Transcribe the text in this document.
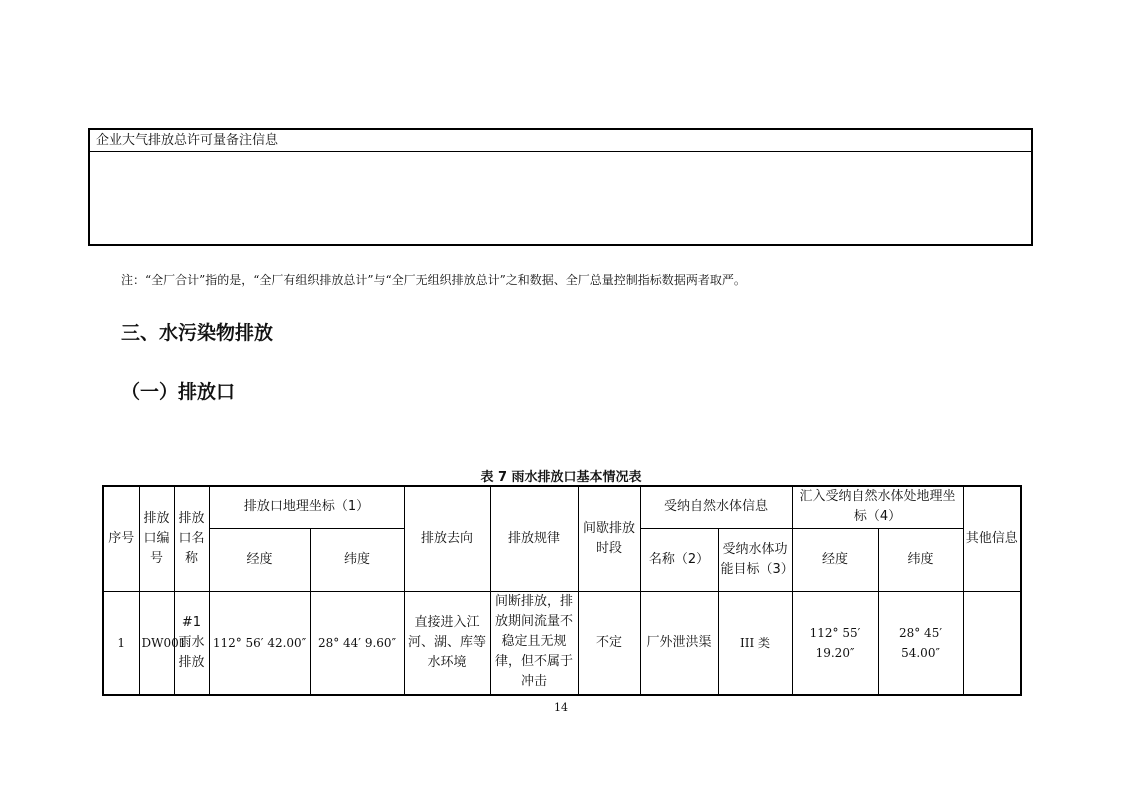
企业大气排放总许可量备注信息
注：“全厂合计”指的是，“全厂有组织排放总计”与“全厂无组织排放总计”之和数据、全厂总量控制指标数据两者取严。
三、水污染物排放
（一）排放口
表 7 雨水排放口基本情况表
序号	排放口编号	排放口名称	排放口地理坐标（1）		排放去向	排放规律	间歇排放时段	受纳自然水体信息		汇入受纳自然水体处地理坐标（4）		其他信息
			经度	纬度				名称（2）	受纳水体功能目标（3）	经度	纬度	
1	DW001	#1雨水排放	112° 56′ 42.00″	28° 44′ 9.60″	直接进入江河、湖、库等水环境	间断排放，排放期间流量不稳定且无规律，但不属于冲击	不定	厂外泄洪渠	III 类	112° 55′ 19.20″	28° 45′ 54.00″	
14
